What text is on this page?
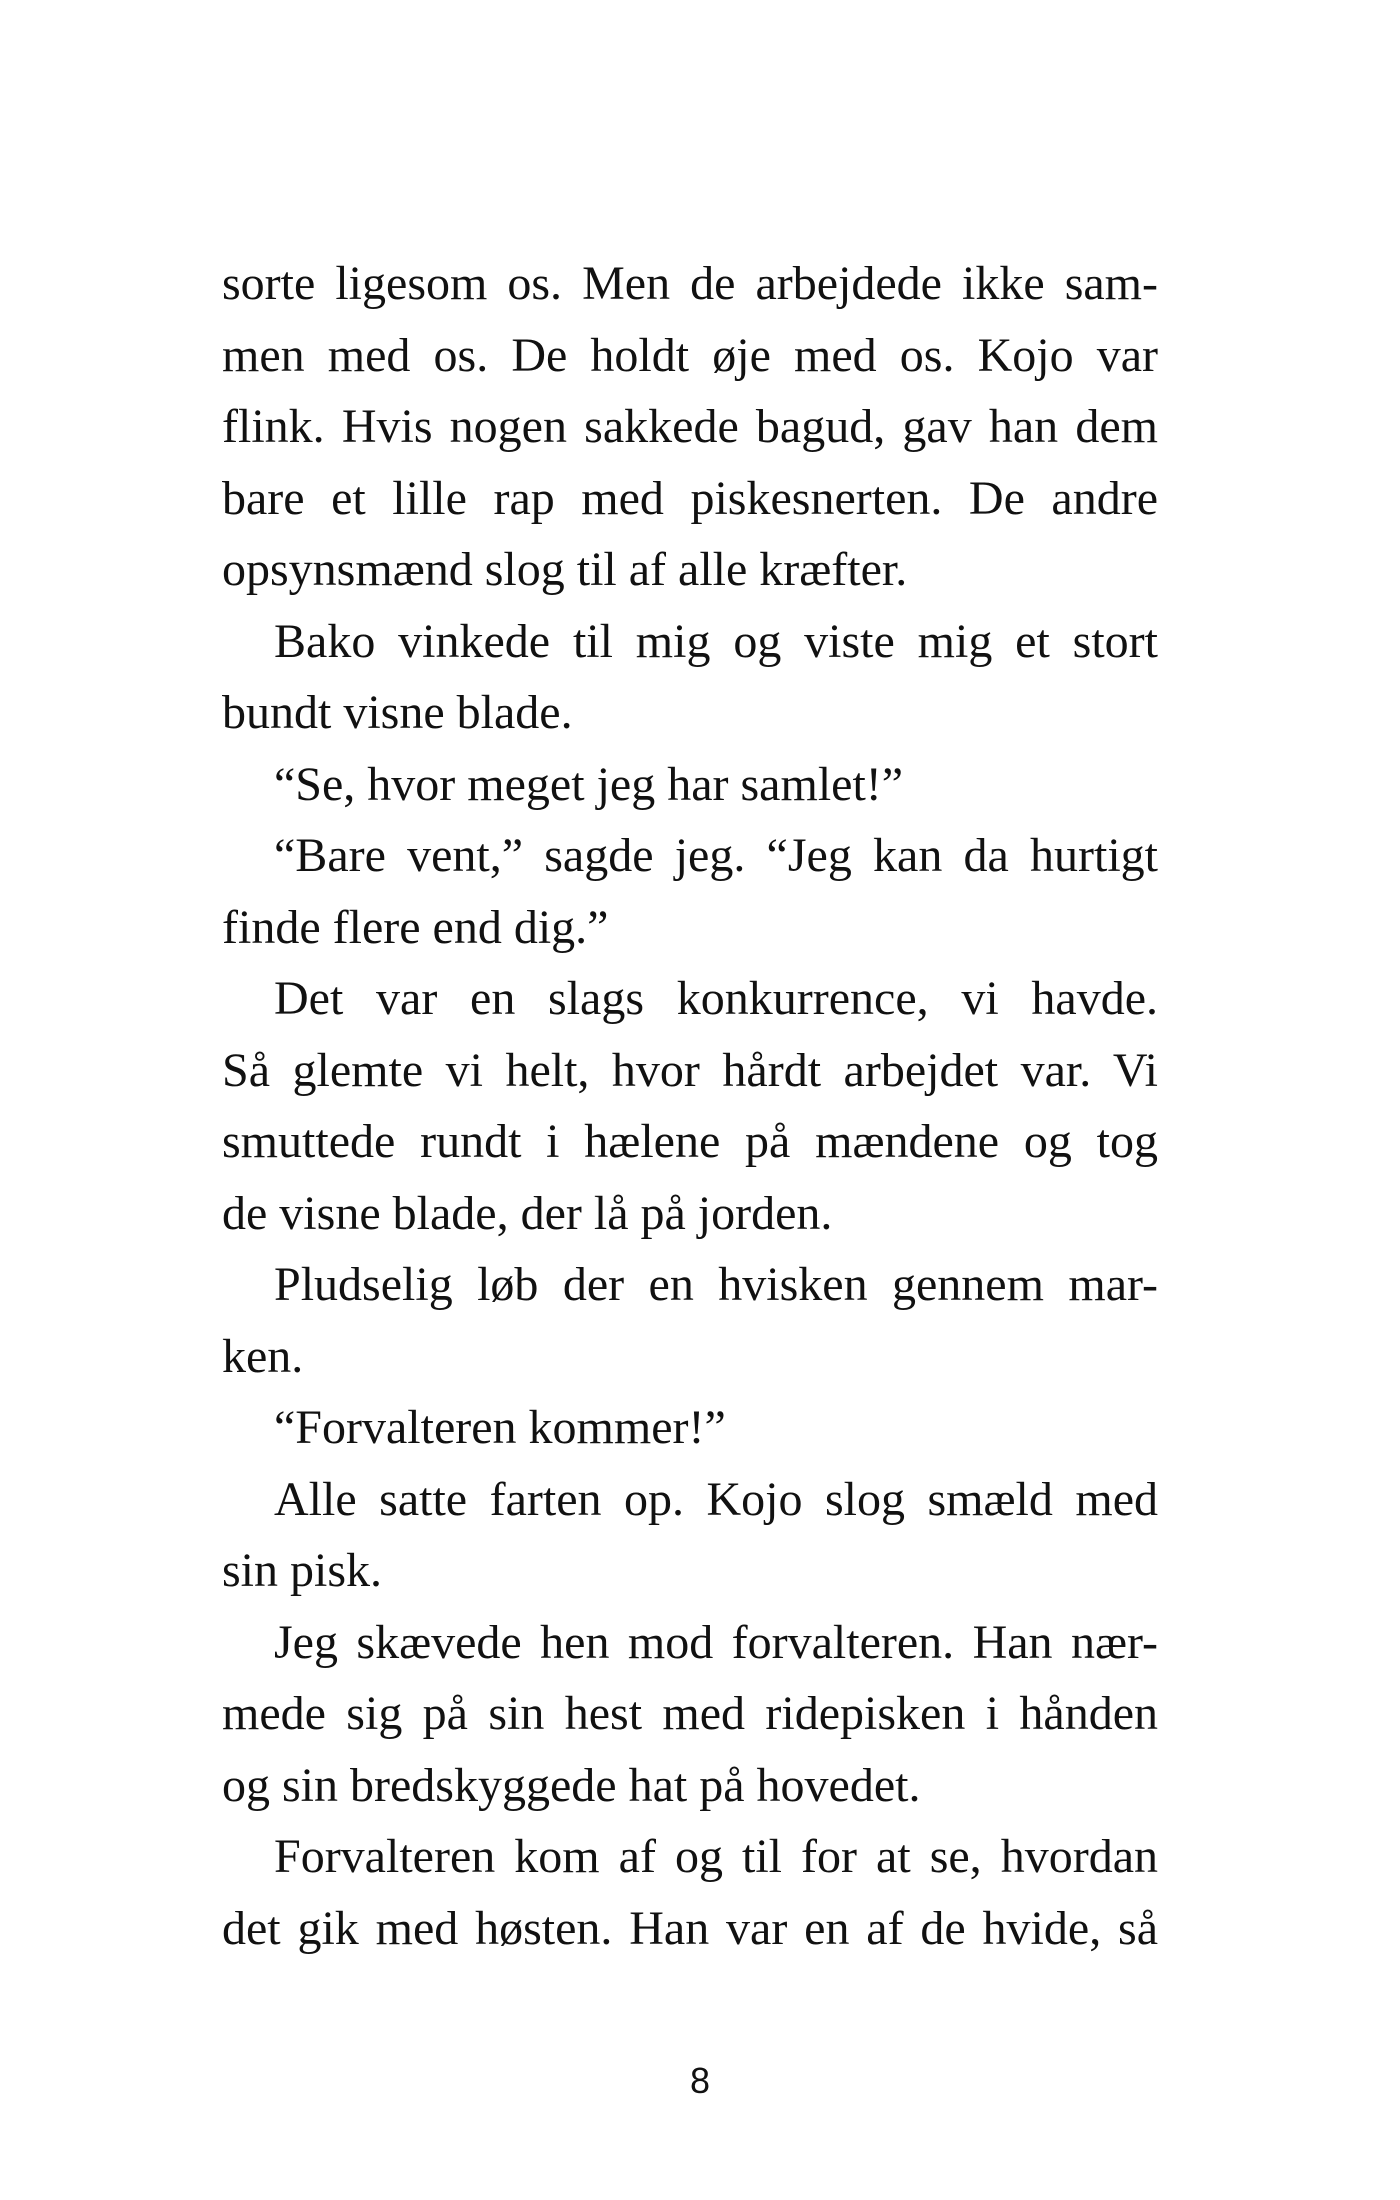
sorte ligesom os. Men de arbejdede ikke sam-
men med os. De holdt øje med os. Kojo var
flink. Hvis nogen sakkede bagud, gav han dem
bare et lille rap med piskesnerten. De andre
opsynsmænd slog til af alle kræfter.
Bako vinkede til mig og viste mig et stort
bundt visne blade.
“Se, hvor meget jeg har samlet!”
“Bare vent,” sagde jeg. “Jeg kan da hurtigt
finde flere end dig.”
Det var en slags konkurrence, vi havde.
Så glemte vi helt, hvor hårdt arbejdet var. Vi
smuttede rundt i hælene på mændene og tog
de visne blade, der lå på jorden.
Pludselig løb der en hvisken gennem mar-
ken.
“Forvalteren kommer!”
Alle satte farten op. Kojo slog smæld med
sin pisk.
Jeg skævede hen mod forvalteren. Han nær-
mede sig på sin hest med ridepisken i hånden
og sin bredskyggede hat på hovedet.
Forvalteren kom af og til for at se, hvordan
det gik med høsten. Han var en af de hvide, så
8
